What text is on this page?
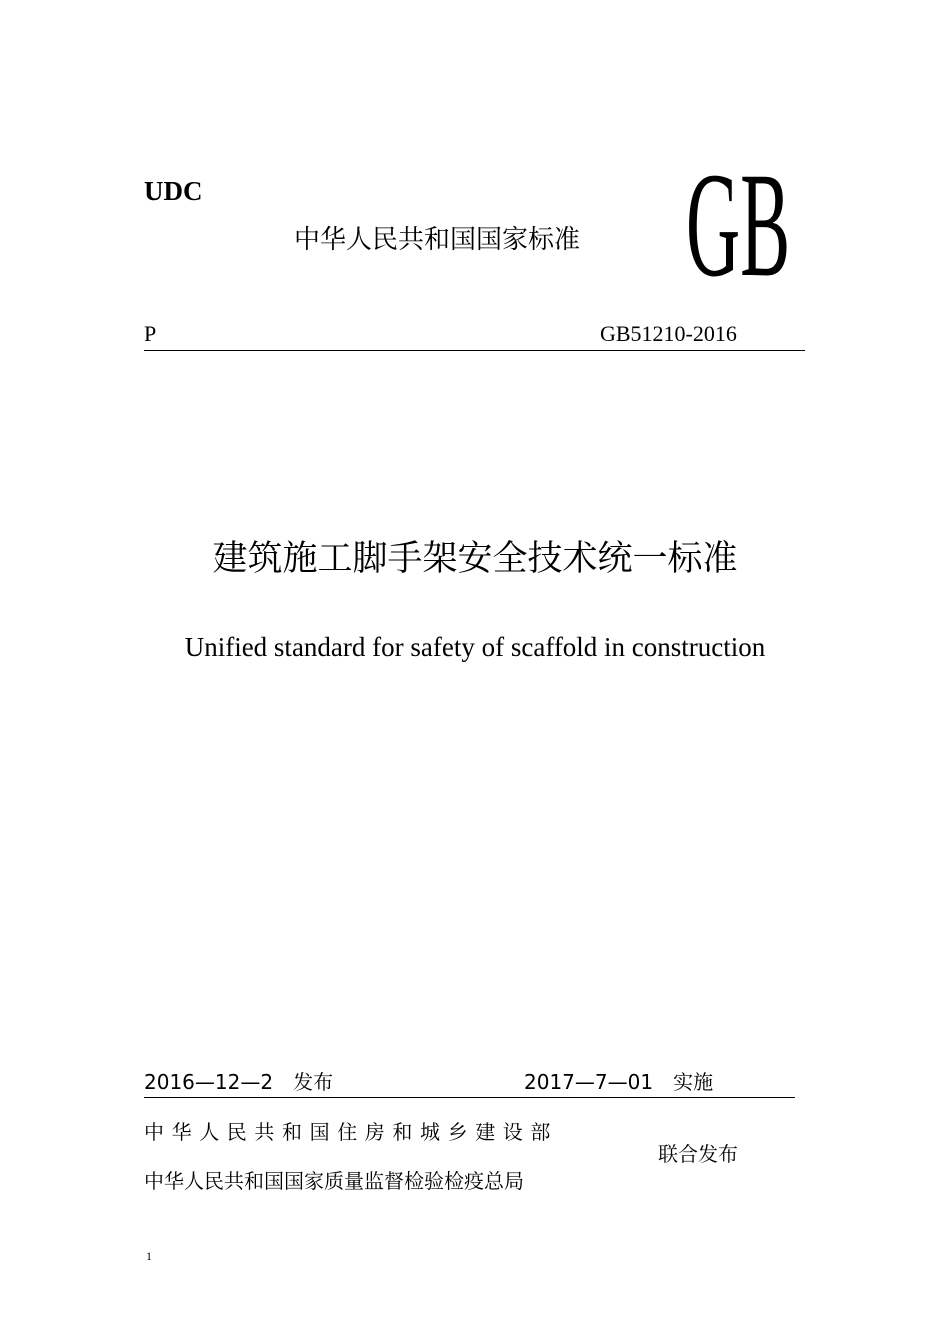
UDC
中华人民共和国国家标准 GB
P	GB51210-2016
建筑施工脚手架安全技术统一标准
Unified standard for safety of scaffold in construction
2016—12—2　发布	2017—7—01　实施
中华人民共和国住房和城乡建设部
中华人民共和国国家质量监督检验检疫总局
联合发布
1
